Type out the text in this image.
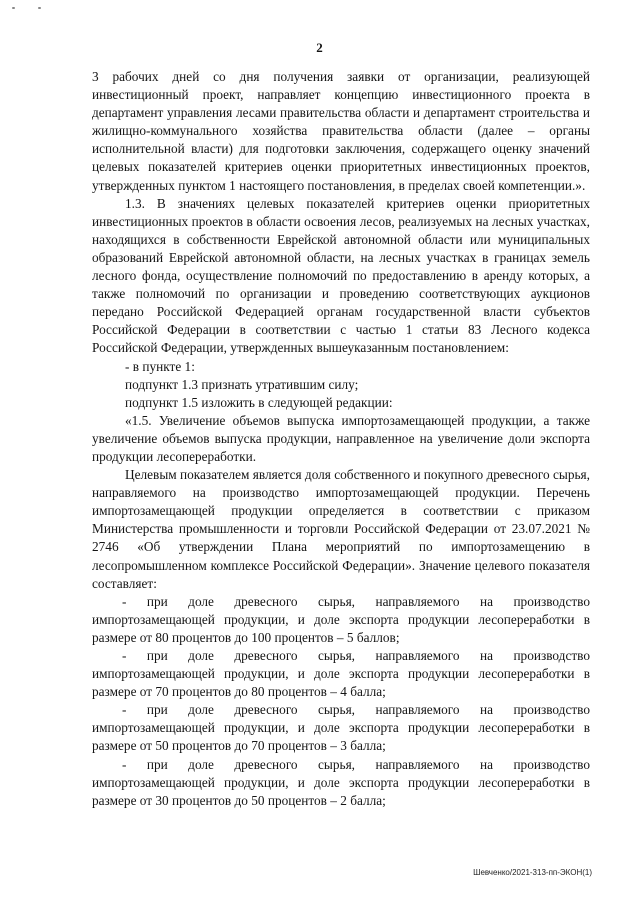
2

3 рабочих дней со дня получения заявки от организации, реализующей инвестиционный проект, направляет концепцию инвестиционного проекта в департамент управления лесами правительства области и департамент строительства и жилищно-коммунального хозяйства правительства области (далее – органы исполнительной власти) для подготовки заключения, содержащего оценку значений целевых показателей критериев оценки приоритетных инвестиционных проектов, утвержденных пунктом 1 настоящего постановления, в пределах своей компетенции.».

1.3. В значениях целевых показателей критериев оценки приоритетных инвестиционных проектов в области освоения лесов, реализуемых на лесных участках, находящихся в собственности Еврейской автономной области или муниципальных образований Еврейской автономной области, на лесных участках в границах земель лесного фонда, осуществление полномочий по предоставлению в аренду которых, а также полномочий по организации и проведению соответствующих аукционов передано Российской Федерацией органам государственной власти субъектов Российской Федерации в соответствии с частью 1 статьи 83 Лесного кодекса Российской Федерации, утвержденных вышеуказанным постановлением:

- в пункте 1:

подпункт 1.3 признать утратившим силу;

подпункт 1.5 изложить в следующей редакции:

«1.5. Увеличение объемов выпуска импортозамещающей продукции, а также увеличение объемов выпуска продукции, направленное на увеличение доли экспорта продукции лесопереработки.

Целевым показателем является доля собственного и покупного древесного сырья, направляемого на производство импортозамещающей продукции. Перечень импортозамещающей продукции определяется в соответствии с приказом Министерства промышленности и торговли Российской Федерации от 23.07.2021 № 2746 «Об утверждении Плана мероприятий по импортозамещению в лесопромышленном комплексе Российской Федерации». Значение целевого показателя составляет:

- при доле древесного сырья, направляемого на производство импортозамещающей продукции, и доле экспорта продукции лесопереработки в размере от 80 процентов до 100 процентов – 5 баллов;

- при доле древесного сырья, направляемого на производство импортозамещающей продукции, и доле экспорта продукции лесопереработки в размере от 70 процентов до 80 процентов – 4 балла;

- при доле древесного сырья, направляемого на производство импортозамещающей продукции, и доле экспорта продукции лесопереработки в размере от 50 процентов до 70 процентов – 3 балла;

- при доле древесного сырья, направляемого на производство импортозамещающей продукции, и доле экспорта продукции лесопереработки в размере от 30 процентов до 50 процентов – 2 балла;

Шевченко/2021-313-пп-ЭКОН(1)
